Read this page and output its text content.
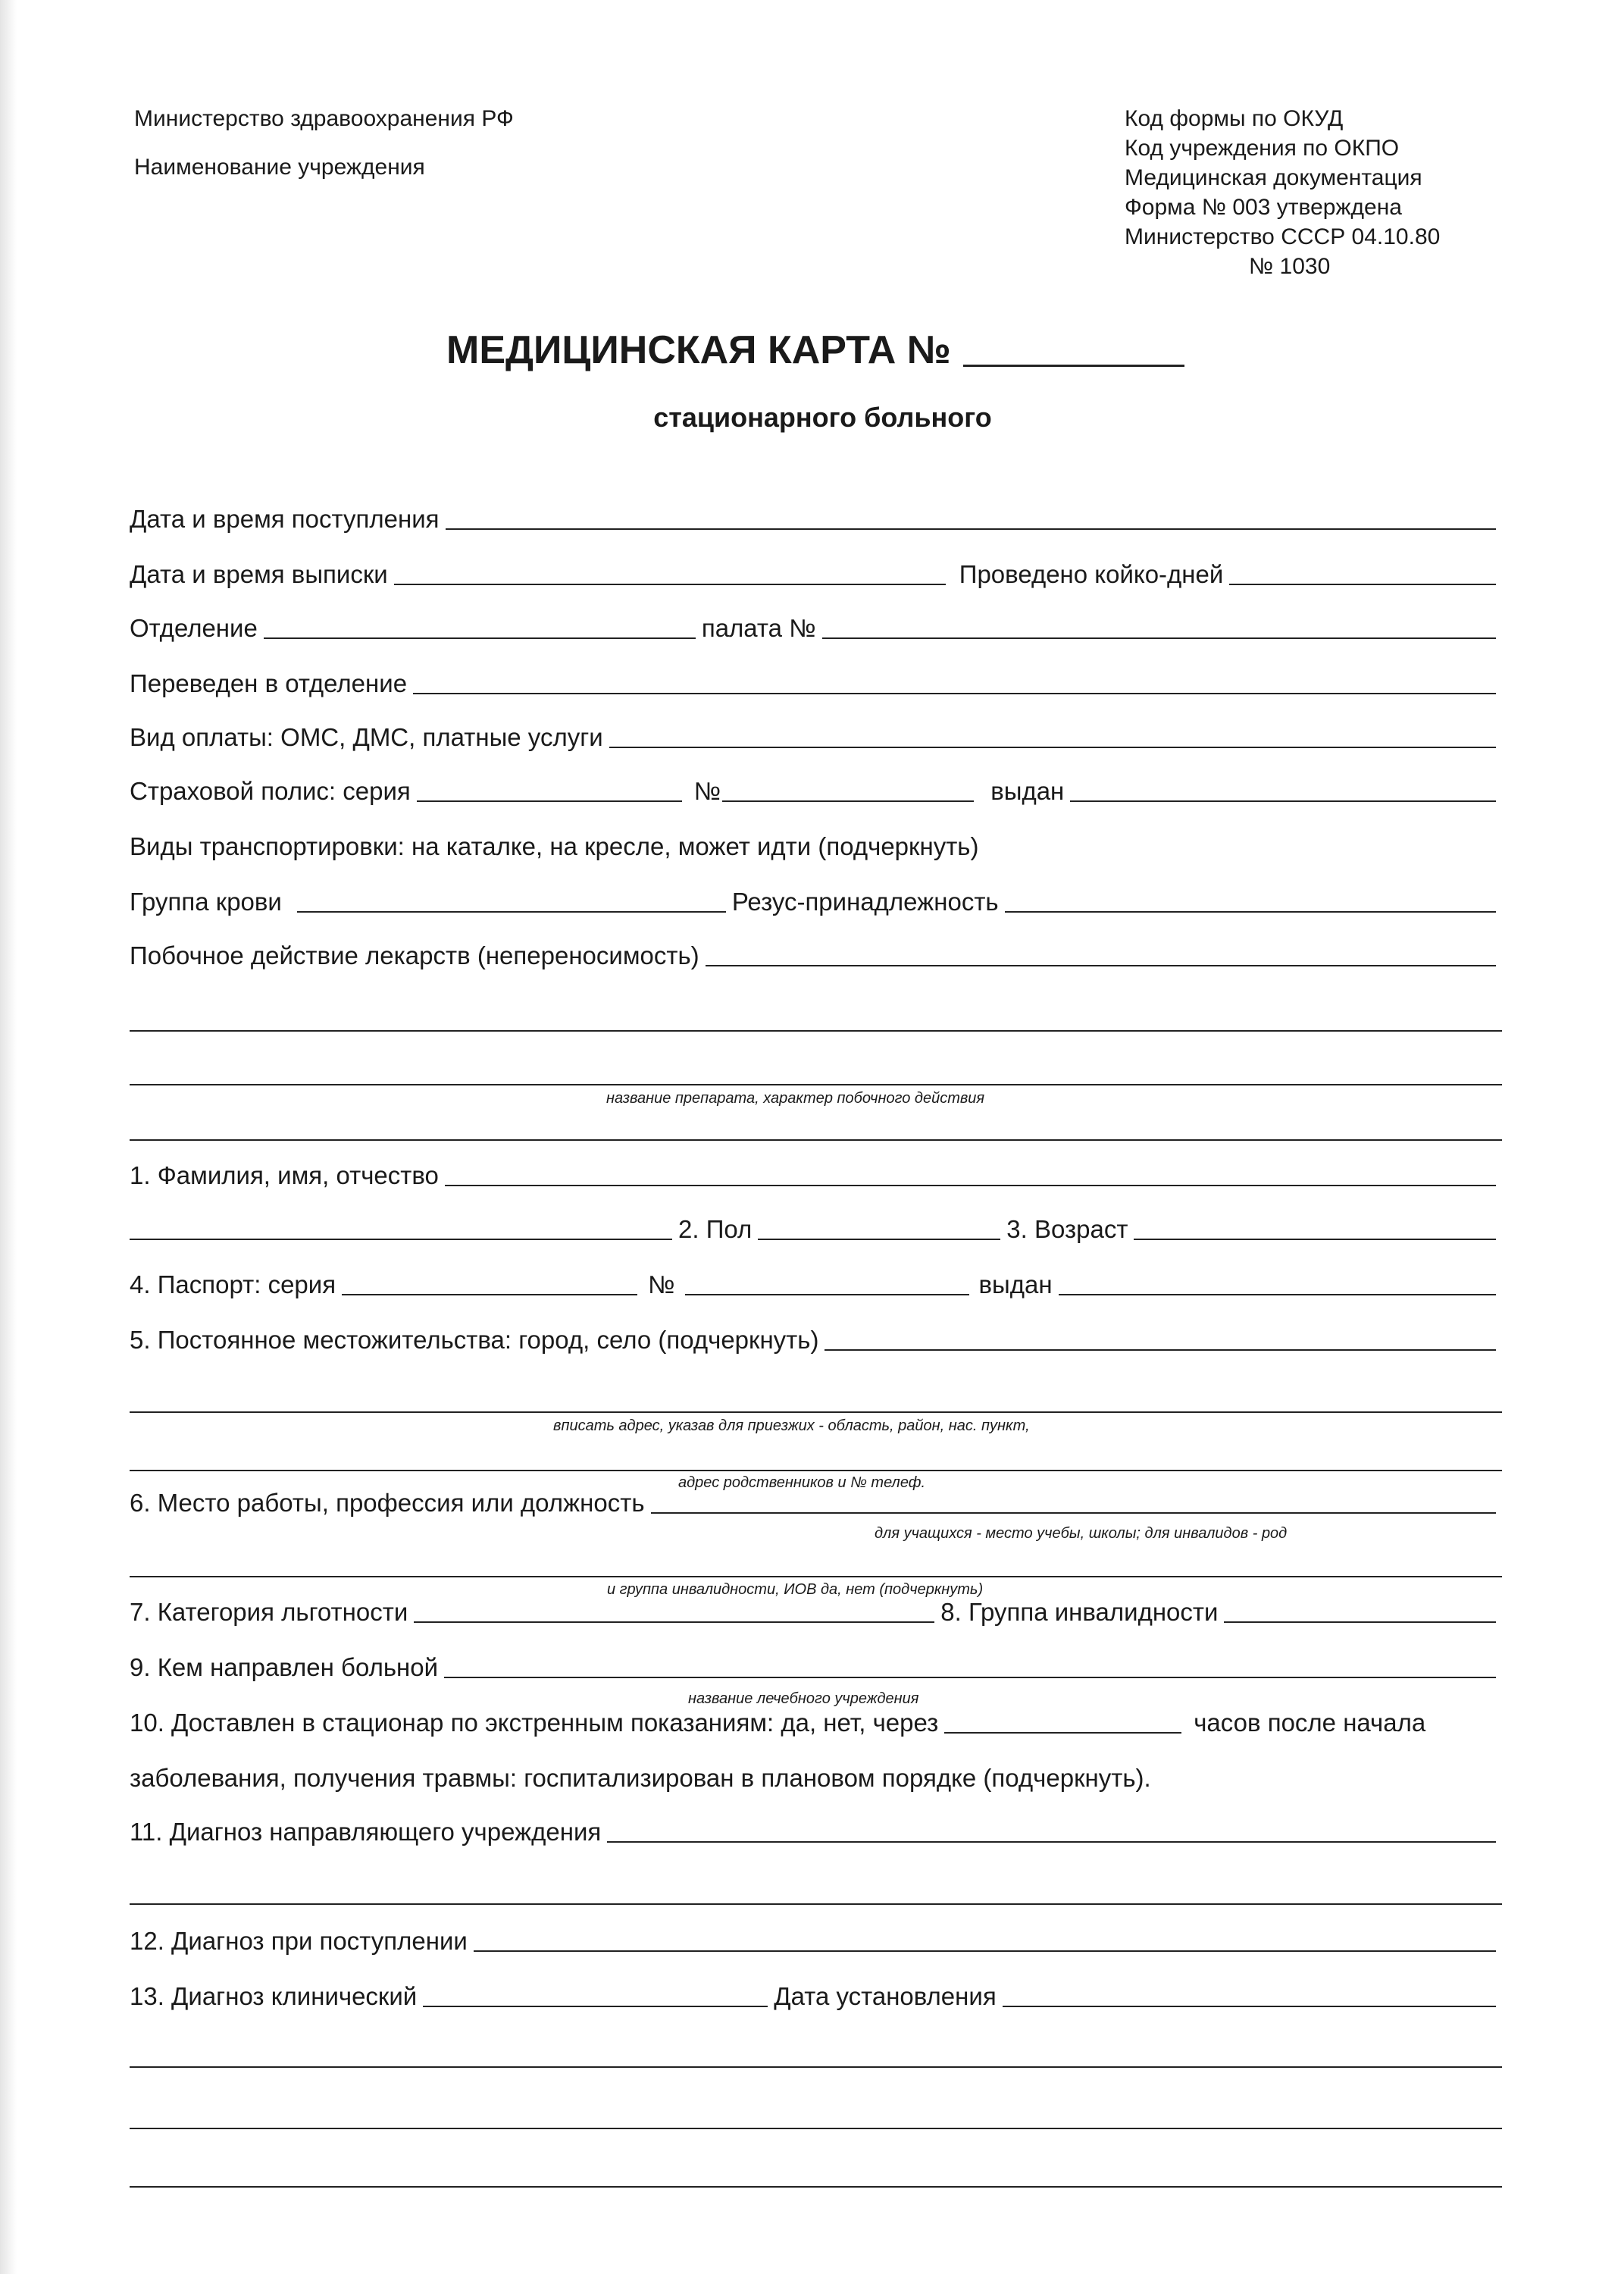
Министерство здравоохранения РФ
Наименование учреждения
Код формы по ОКУД
Код учреждения по ОКПО
Медицинская документация
Форма № 003 утверждена
Министерство СССР 04.10.80
№ 1030
МЕДИЦИНСКАЯ КАРТА №
стационарного больного
Дата и время поступления
Дата и время выписки	Проведено койко-дней
Отделение	палата №
Переведен в отделение
Вид оплаты: ОМС, ДМС, платные услуги
Страховой полис: серия	№	выдан
Виды транспортировки: на каталке, на кресле, может идти (подчеркнуть)
Группа крови	Резус-принадлежность
Побочное действие лекарств (непереносимость)
название препарата, характер побочного действия
1. Фамилия, имя, отчество
2. Пол	3. Возраст
4. Паспорт: серия	№	выдан
5. Постоянное местожительства: город, село (подчеркнуть)
вписать адрес, указав для приезжих - область, район, нас. пункт,
адрес родственников и № телеф.
6. Место работы, профессия или должность
для учащихся - место учебы, школы; для инвалидов - род
и группа инвалидности, ИОВ да, нет (подчеркнуть)
7. Категория льготности	8. Группа инвалидности
9. Кем направлен больной
название лечебного учреждения
10. Доставлен в стационар по экстренным показаниям: да, нет, через	часов после начала
заболевания, получения травмы: госпитализирован в плановом порядке (подчеркнуть).
11. Диагноз направляющего учреждения
12. Диагноз при поступлении
13. Диагноз клинический	Дата установления
